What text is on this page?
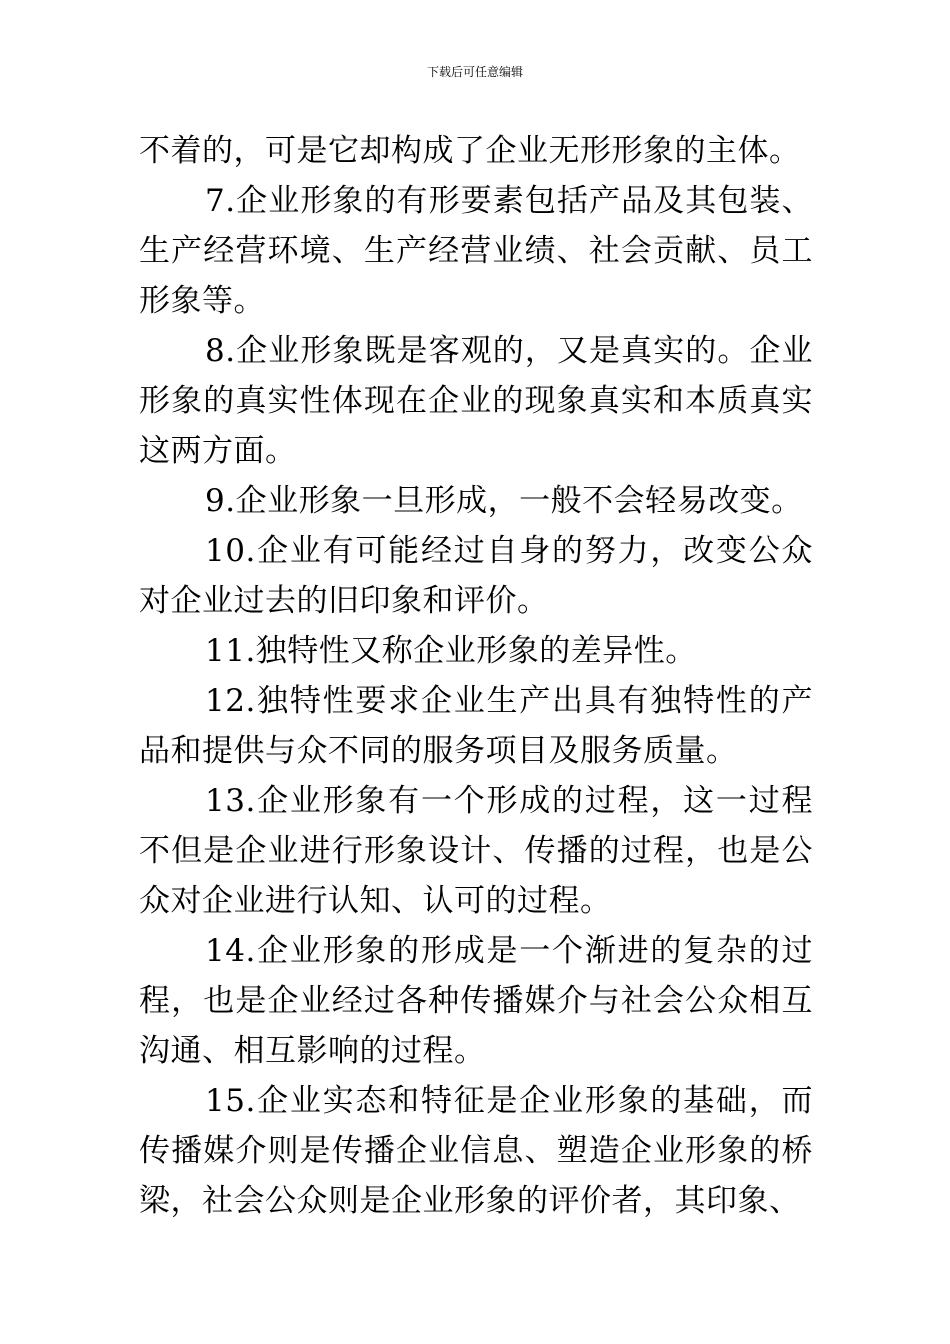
下载后可任意编辑

不着的，可是它却构成了企业无形形象的主体。

7.企业形象的有形要素包括产品及其包装、生产经营环境、生产经营业绩、社会贡献、员工形象等。

8.企业形象既是客观的，又是真实的。企业形象的真实性体现在企业的现象真实和本质真实这两方面。

9.企业形象一旦形成，一般不会轻易改变。

10.企业有可能经过自身的努力，改变公众对企业过去的旧印象和评价。

11.独特性又称企业形象的差异性。

12.独特性要求企业生产出具有独特性的产品和提供与众不同的服务项目及服务质量。

13.企业形象有一个形成的过程，这一过程不但是企业进行形象设计、传播的过程，也是公众对企业进行认知、认可的过程。

14.企业形象的形成是一个渐进的复杂的过程，也是企业经过各种传播媒介与社会公众相互沟通、相互影响的过程。

15.企业实态和特征是企业形象的基础，而传播媒介则是传播企业信息、塑造企业形象的桥梁，社会公众则是企业形象的评价者，其印象、
